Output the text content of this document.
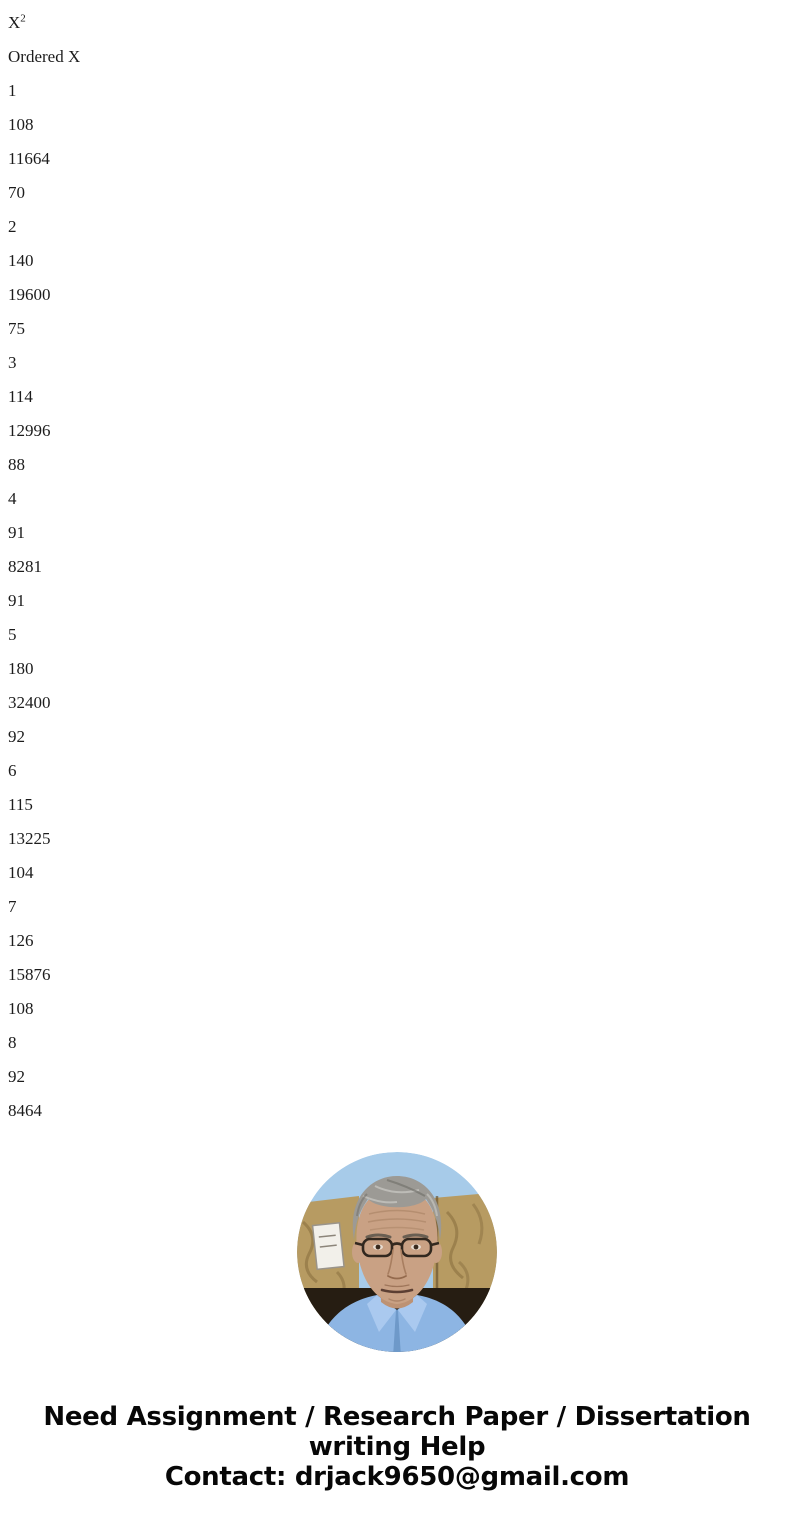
$X^2$
Ordered X
1
108
11664
70
2
140
19600
75
3
114
12996
88
4
91
8281
91
5
180
32400
92
6
115
13225
104
7
126
15876
108
8
92
8464
Need Assignment / Research Paper / Dissertation
writing Help
Contact: drjack9650@gmail.com
